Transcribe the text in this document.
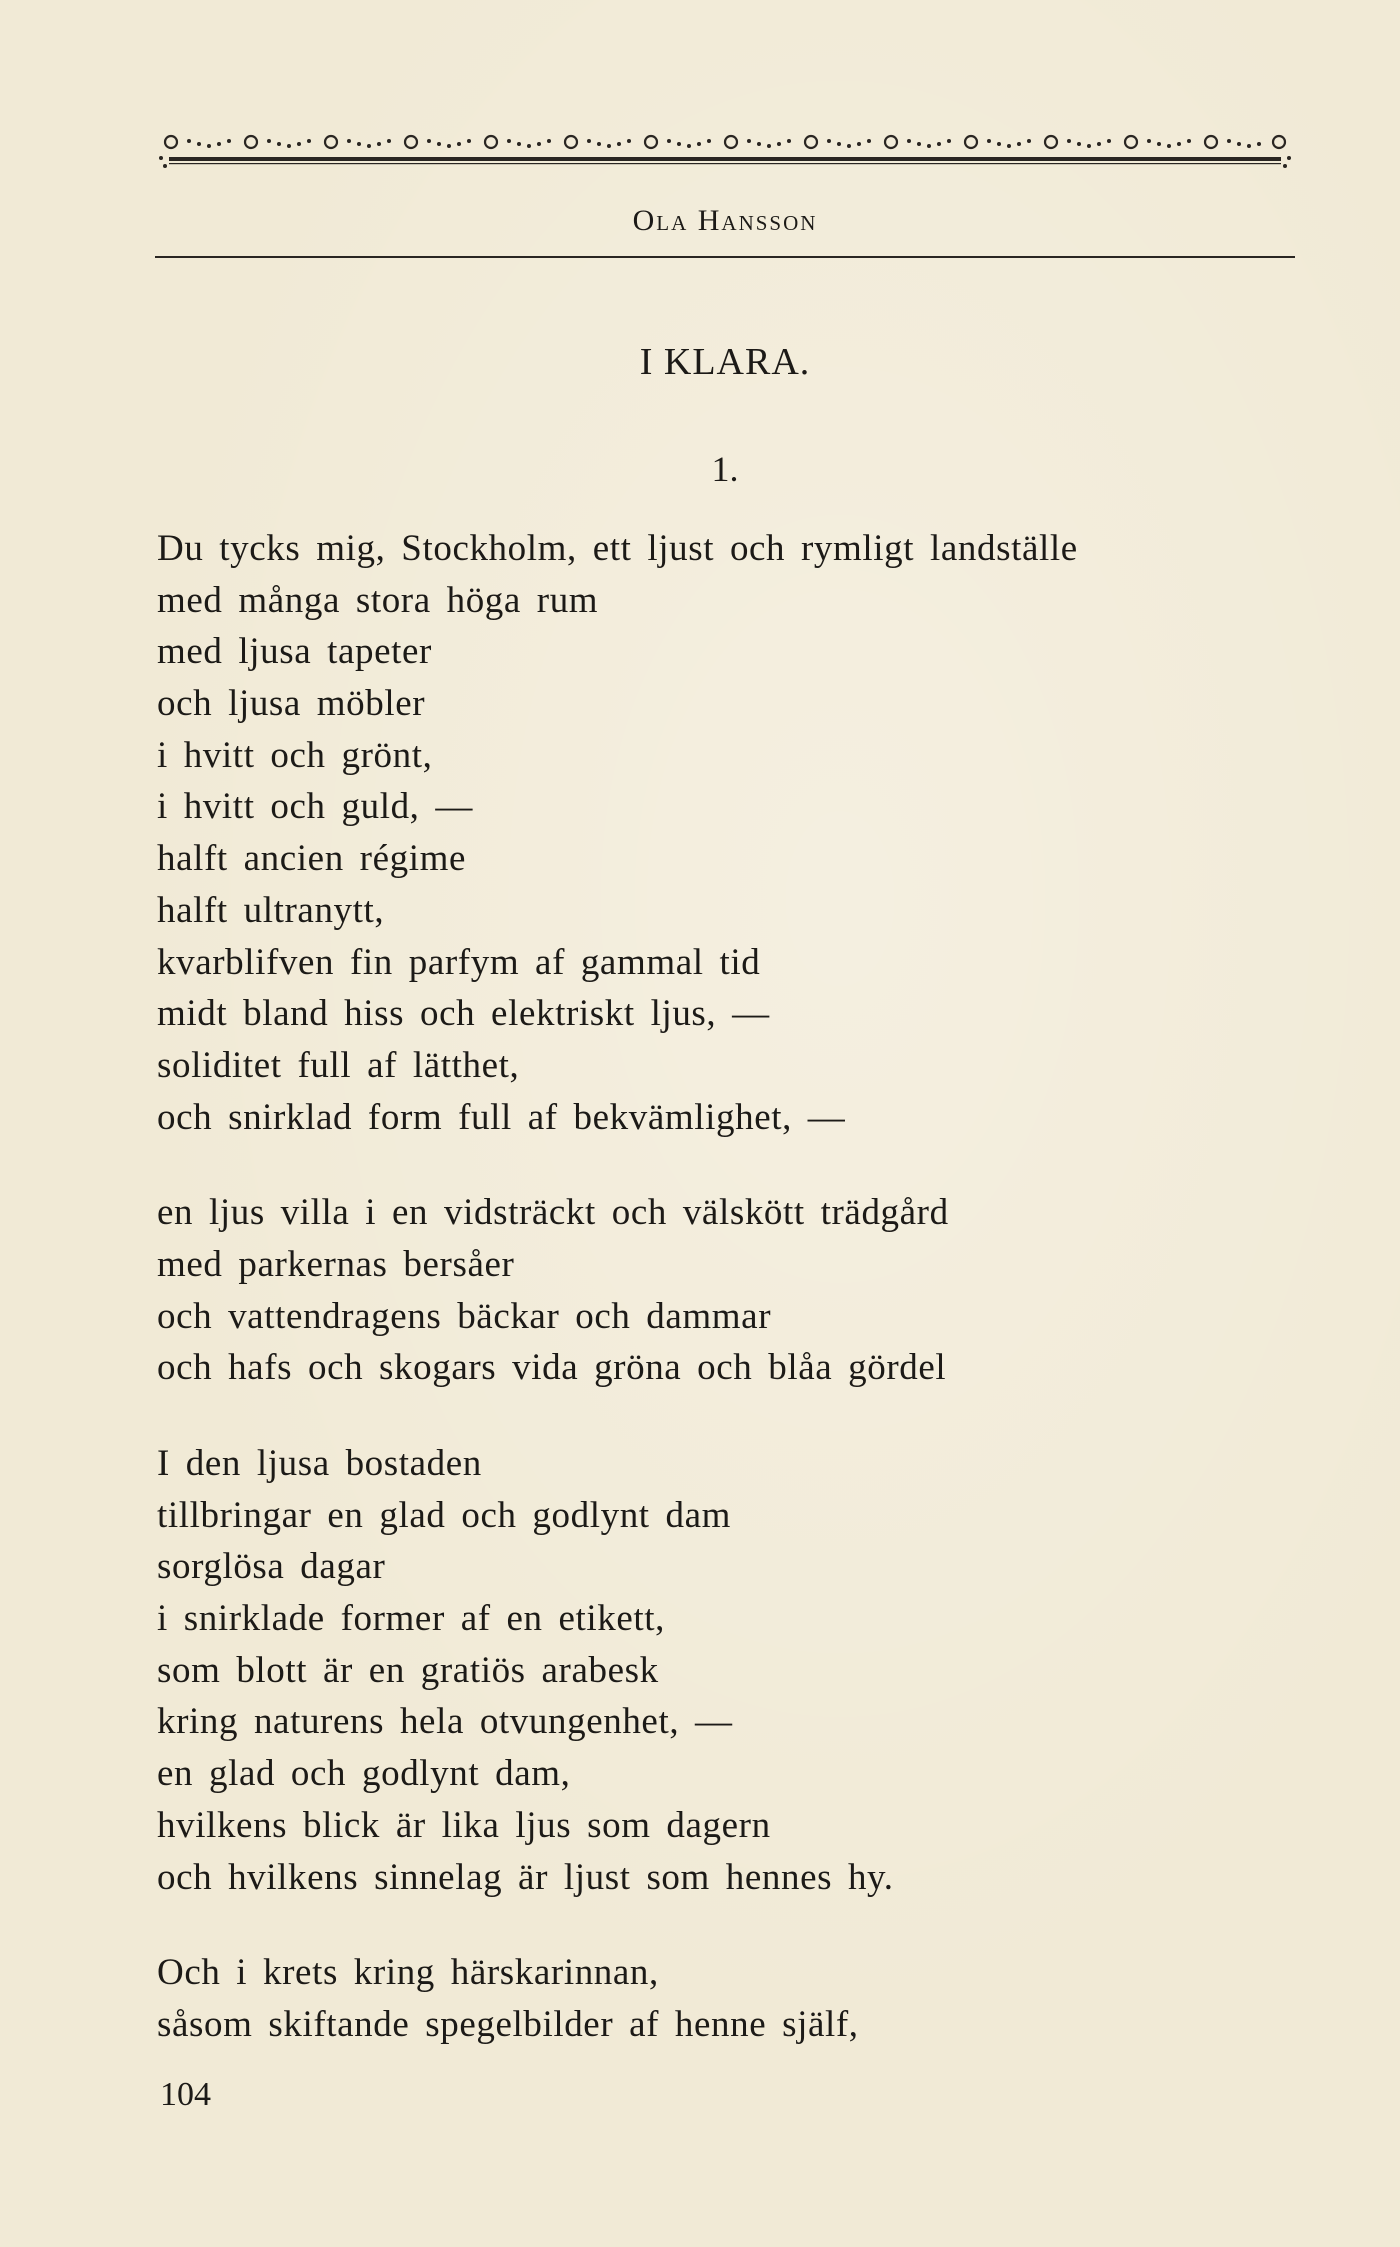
Ola Hansson
I KLARA.
1.
Du tycks mig, Stockholm, ett ljust och rymligt landställe
med många stora höga rum
med ljusa tapeter
och ljusa möbler
i hvitt och grönt,
i hvitt och guld, —
halft ancien régime
halft ultranytt,
kvarblifven fin parfym af gammal tid
midt bland hiss och elektriskt ljus, —
soliditet full af lätthet,
och snirklad form full af bekvämlighet, —
en ljus villa i en vidsträckt och välskött trädgård
med parkernas bersåer
och vattendragens bäckar och dammar
och hafs och skogars vida gröna och blåa gördel
I den ljusa bostaden
tillbringar en glad och godlynt dam
sorglösa dagar
i snirklade former af en etikett,
som blott är en gratiös arabesk
kring naturens hela otvungenhet, —
en glad och godlynt dam,
hvilkens blick är lika ljus som dagern
och hvilkens sinnelag är ljust som hennes hy.
Och i krets kring härskarinnan,
såsom skiftande spegelbilder af henne själf,
104
